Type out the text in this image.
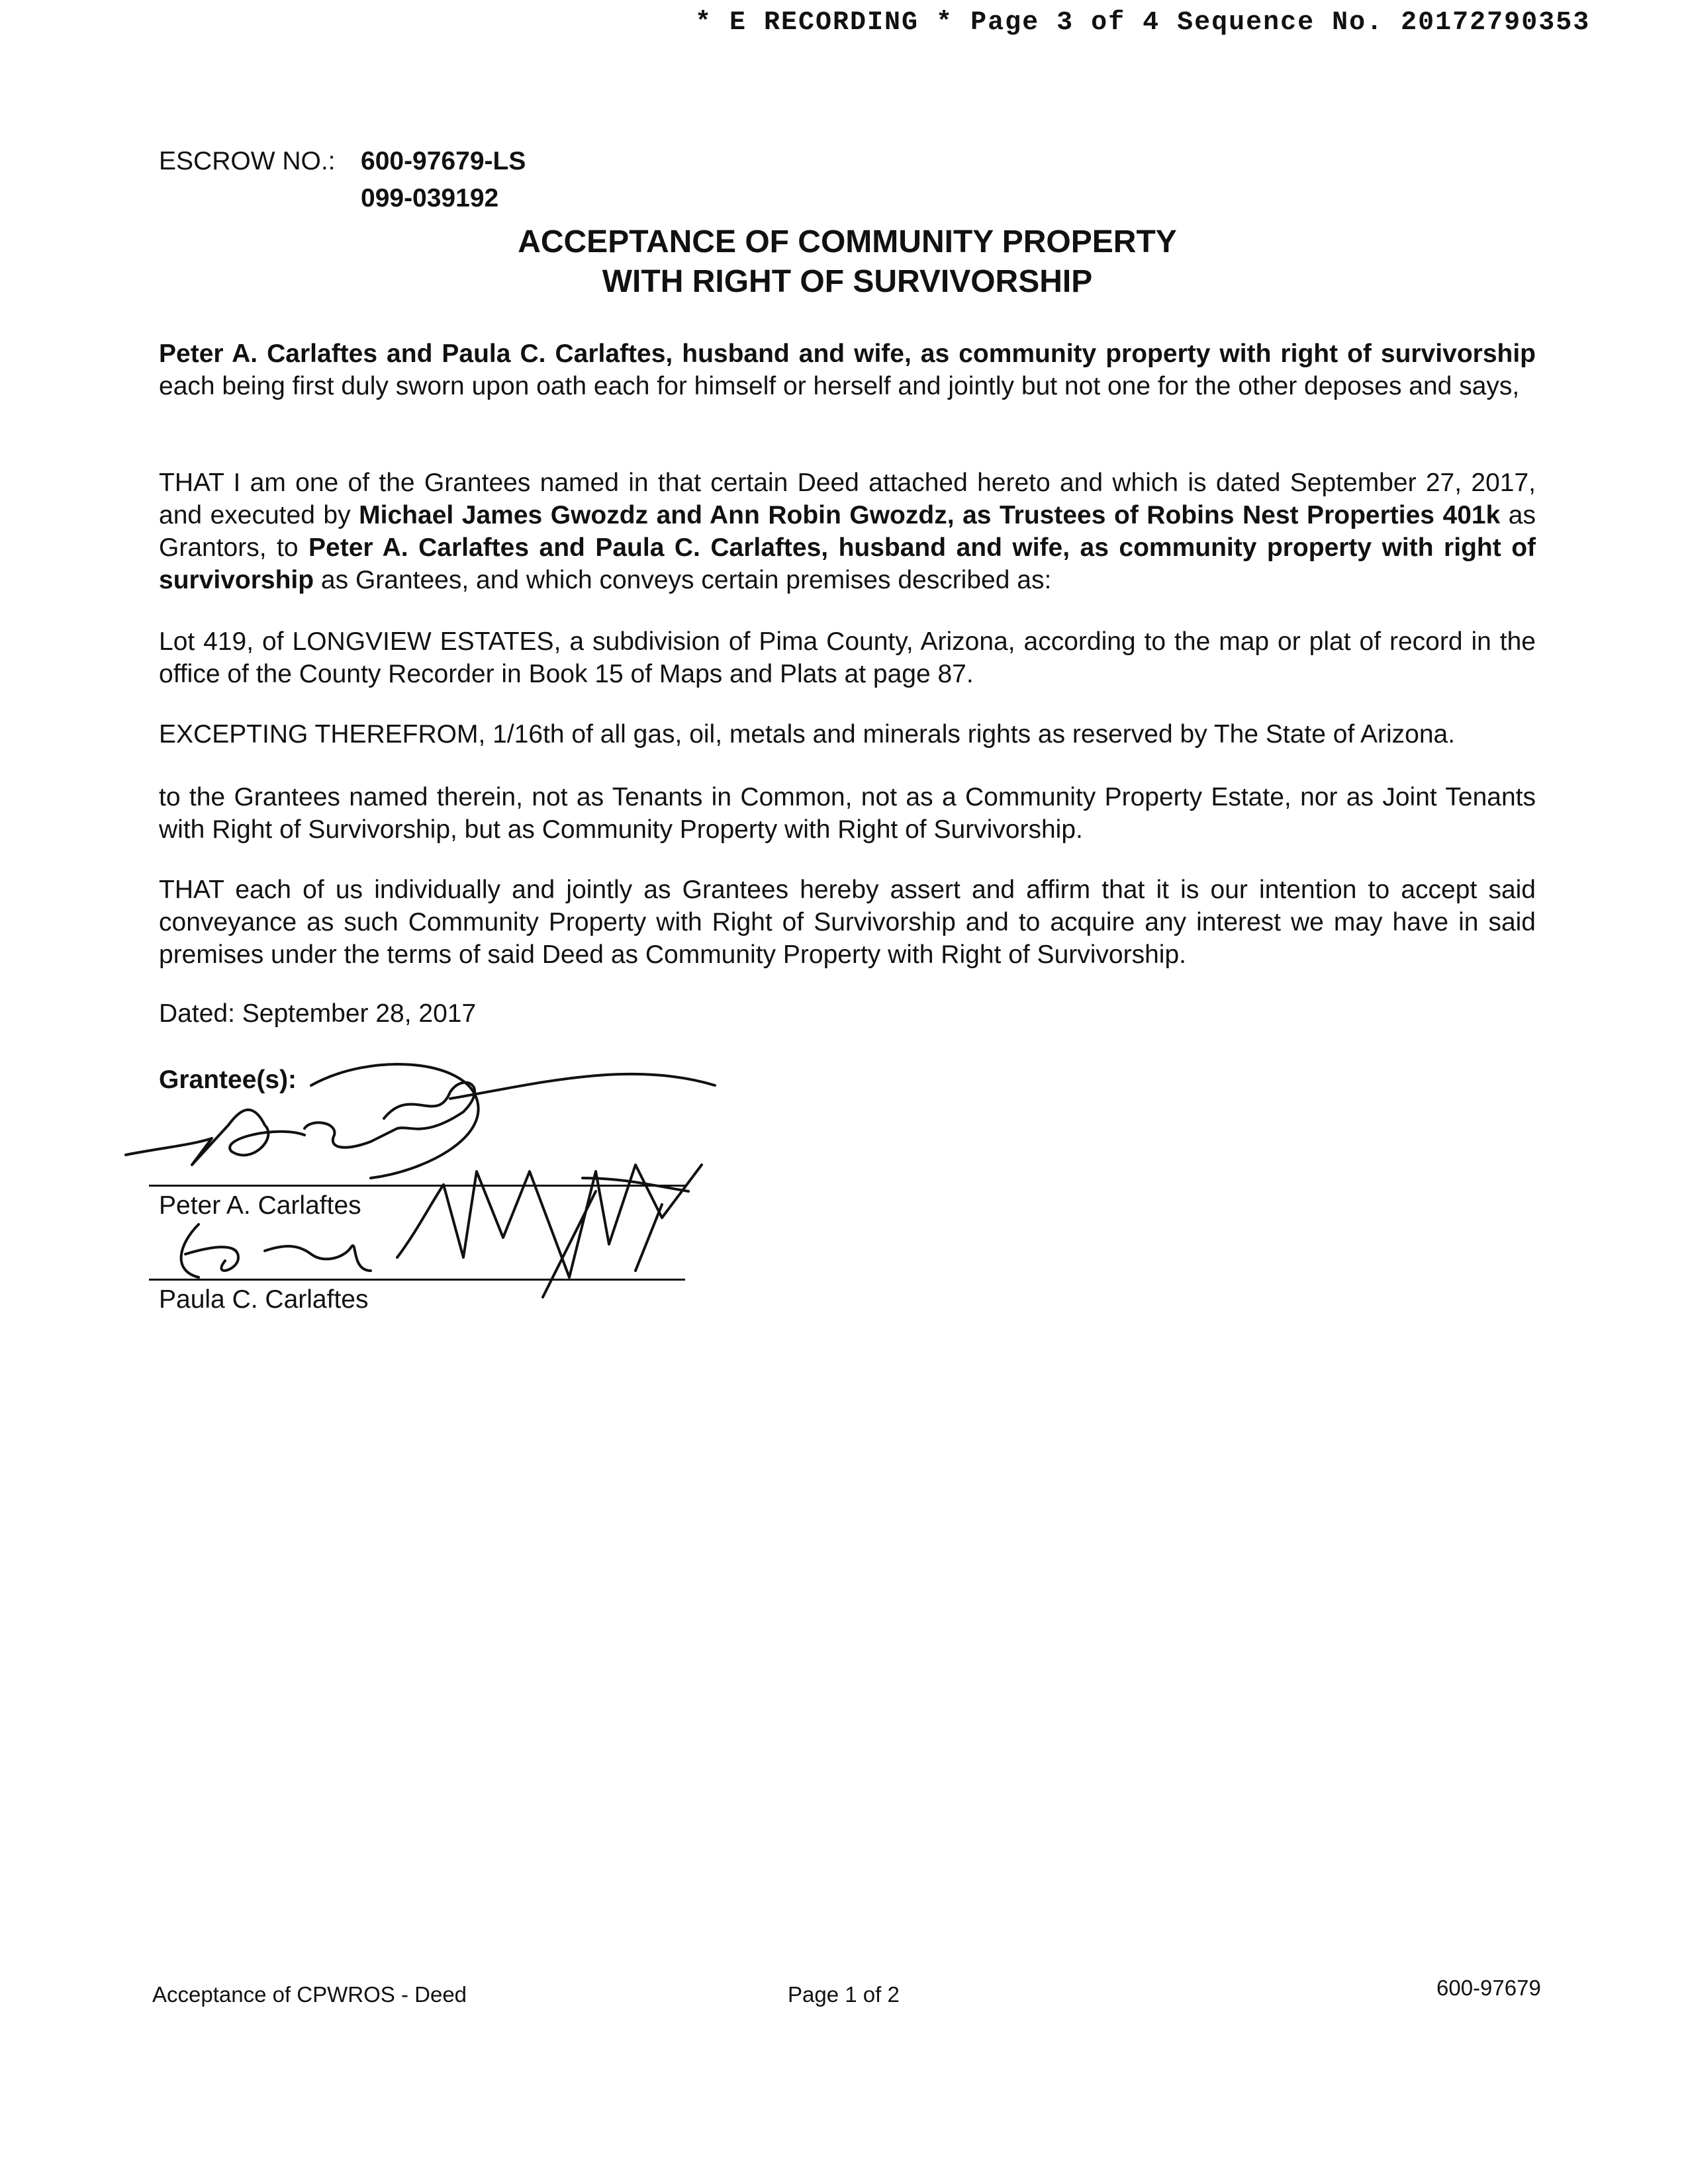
* E RECORDING * Page 3 of 4 Sequence No. 20172790353
ESCROW NO.: 600-97679-LS
099-039192
ACCEPTANCE OF COMMUNITY PROPERTY
WITH RIGHT OF SURVIVORSHIP
Peter A. Carlaftes and Paula C. Carlaftes, husband and wife, as community property with right of survivorship each being first duly sworn upon oath each for himself or herself and jointly but not one for the other deposes and says,
THAT I am one of the Grantees named in that certain Deed attached hereto and which is dated September 27, 2017, and executed by Michael James Gwozdz and Ann Robin Gwozdz, as Trustees of Robins Nest Properties 401k as Grantors, to Peter A. Carlaftes and Paula C. Carlaftes, husband and wife, as community property with right of survivorship as Grantees, and which conveys certain premises described as:
Lot 419, of LONGVIEW ESTATES, a subdivision of Pima County, Arizona, according to the map or plat of record in the office of the County Recorder in Book 15 of Maps and Plats at page 87.
EXCEPTING THEREFROM, 1/16th of all gas, oil, metals and minerals rights as reserved by The State of Arizona.
to the Grantees named therein, not as Tenants in Common, not as a Community Property Estate, nor as Joint Tenants with Right of Survivorship, but as Community Property with Right of Survivorship.
THAT each of us individually and jointly as Grantees hereby assert and affirm that it is our intention to accept said conveyance as such Community Property with Right of Survivorship and to acquire any interest we may have in said premises under the terms of said Deed as Community Property with Right of Survivorship.
Dated: September 28, 2017
Grantee(s):
Peter A. Carlaftes
Paula C. Carlaftes
Acceptance of CPWROS - Deed	Page 1 of 2	600-97679
